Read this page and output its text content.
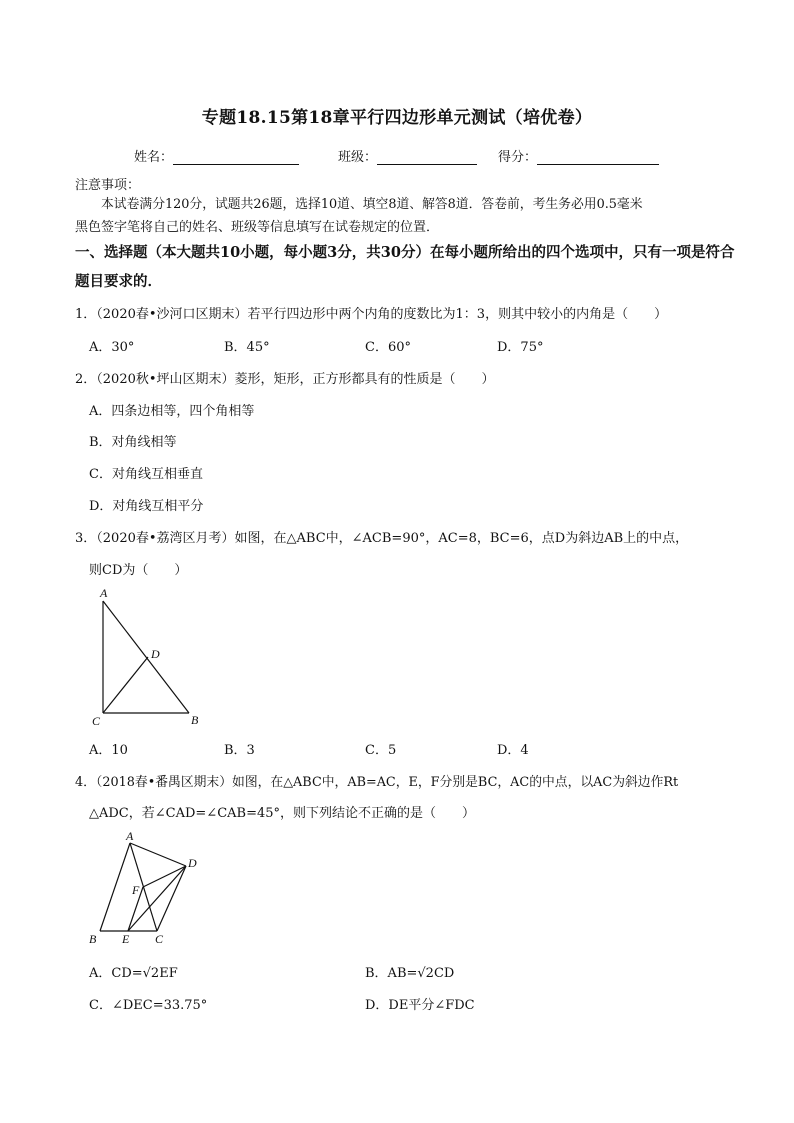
专题18.15第18章平行四边形单元测试（培优卷）
姓名：	班级：	得分：
注意事项：
本试卷满分120分，试题共26题，选择10道、填空8道、解答8道．答卷前，考生务必用0.5毫米
黑色签字笔将自己的姓名、班级等信息填写在试卷规定的位置．
一、选择题（本大题共10小题，每小题3分，共30分）在每小题所给出的四个选项中，只有一项是符合
题目要求的．
1．（2020春•沙河口区期末）若平行四边形中两个内角的度数比为1：3，则其中较小的内角是（　　）
A．30°	B．45°	C．60°	D．75°
2．（2020秋•坪山区期末）菱形，矩形，正方形都具有的性质是（　　）
A．四条边相等，四个角相等
B．对角线相等
C．对角线互相垂直
D．对角线互相平分
3．（2020春•荔湾区月考）如图，在△ABC中，∠ACB=90°，AC=8，BC=6，点D为斜边AB上的中点，
则CD为（　　）
A
D
C	B
A．10	B．3	C．5	D．4
4．（2018春•番禺区期末）如图，在△ABC中，AB=AC，E，F分别是BC，AC的中点，以AC为斜边作Rt
△ADC，若∠CAD=∠CAB=45°，则下列结论不正确的是（　　）
A
D
F
B E C
A．CD=√2EF	B．AB=√2CD
C．∠DEC=33.75°	D．DE平分∠FDC
